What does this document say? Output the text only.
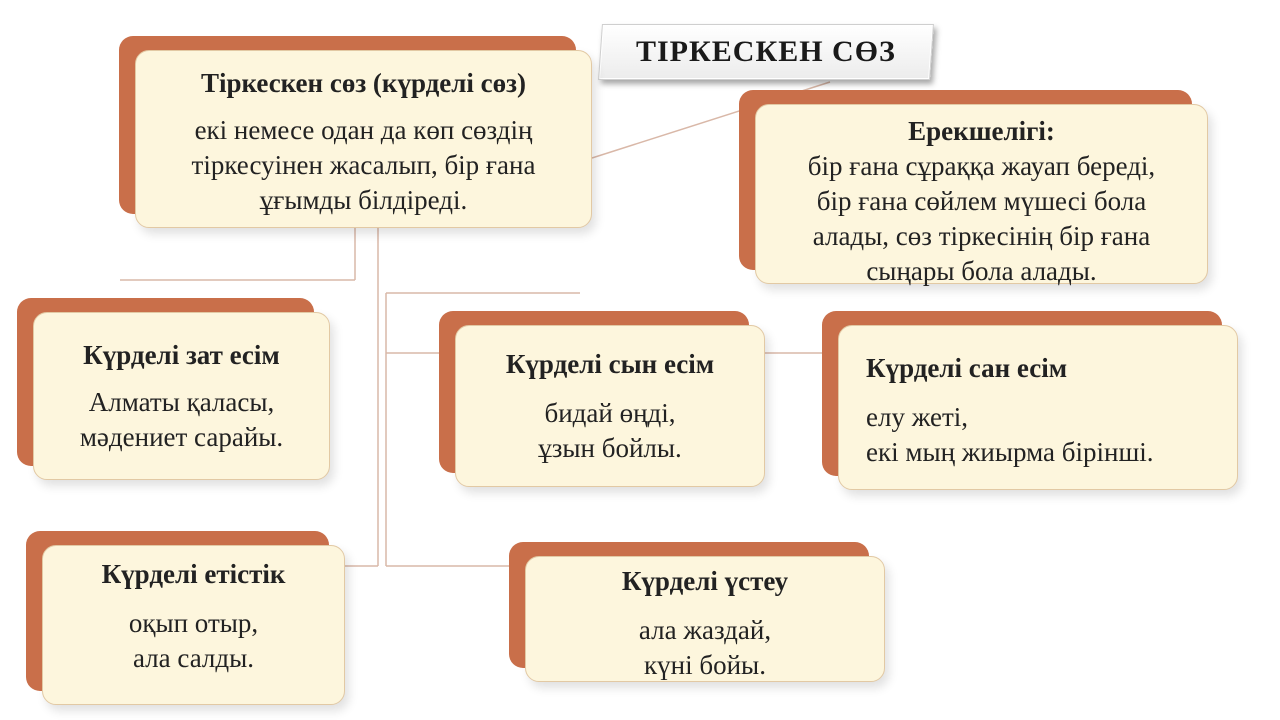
ТІРКЕСКЕН СӨЗ
Тіркескен сөз (күрделі сөз)
екі немесе одан да көп сөздің
тіркесуінен жасалып, бір ғана
ұғымды білдіреді.
Ерекшелігі:
бір ғана сұраққа жауап береді,
бір ғана сөйлем мүшесі бола
алады, сөз тіркесінің бір ғана
сыңары бола алады.
Күрделі зат есім
Алматы қаласы,
мәдениет сарайы.
Күрделі сын есім
бидай өңді,
ұзын бойлы.
Күрделі сан есім
елу жеті,
екі мың жиырма бірінші.
Күрделі етістік
оқып отыр,
ала салды.
Күрделі үстеу
ала жаздай,
күні бойы.
